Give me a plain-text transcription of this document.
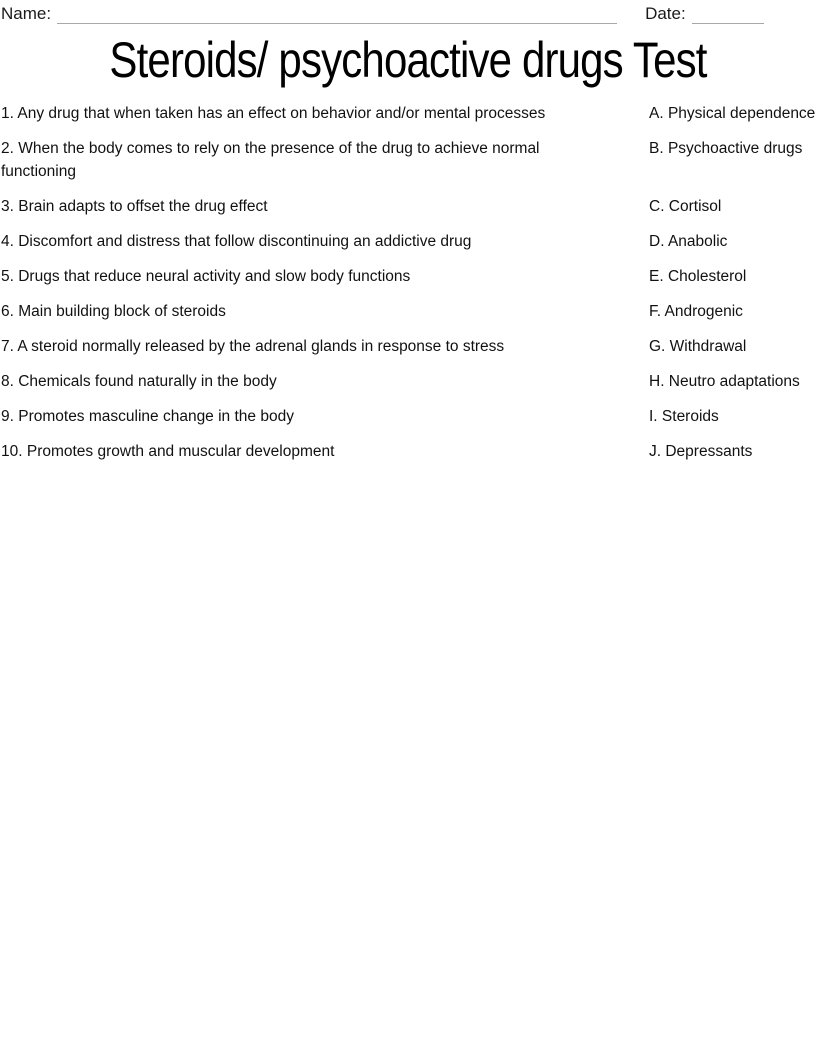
Name:	Date:
Steroids/ psychoactive drugs Test
1. Any drug that when taken has an effect on behavior and/or mental processes	A. Physical dependence
2. When the body comes to rely on the presence of the drug to achieve normal functioning
B. Psychoactive drugs
3. Brain adapts to offset the drug effect	C. Cortisol
4. Discomfort and distress that follow discontinuing an addictive drug	D. Anabolic
5. Drugs that reduce neural activity and slow body functions	E. Cholesterol
6. Main building block of steroids	F. Androgenic
7. A steroid normally released by the adrenal glands in response to stress	G. Withdrawal
8. Chemicals found naturally in the body	H. Neutro adaptations
9. Promotes masculine change in the body	I. Steroids
10. Promotes growth and muscular development	J. Depressants
